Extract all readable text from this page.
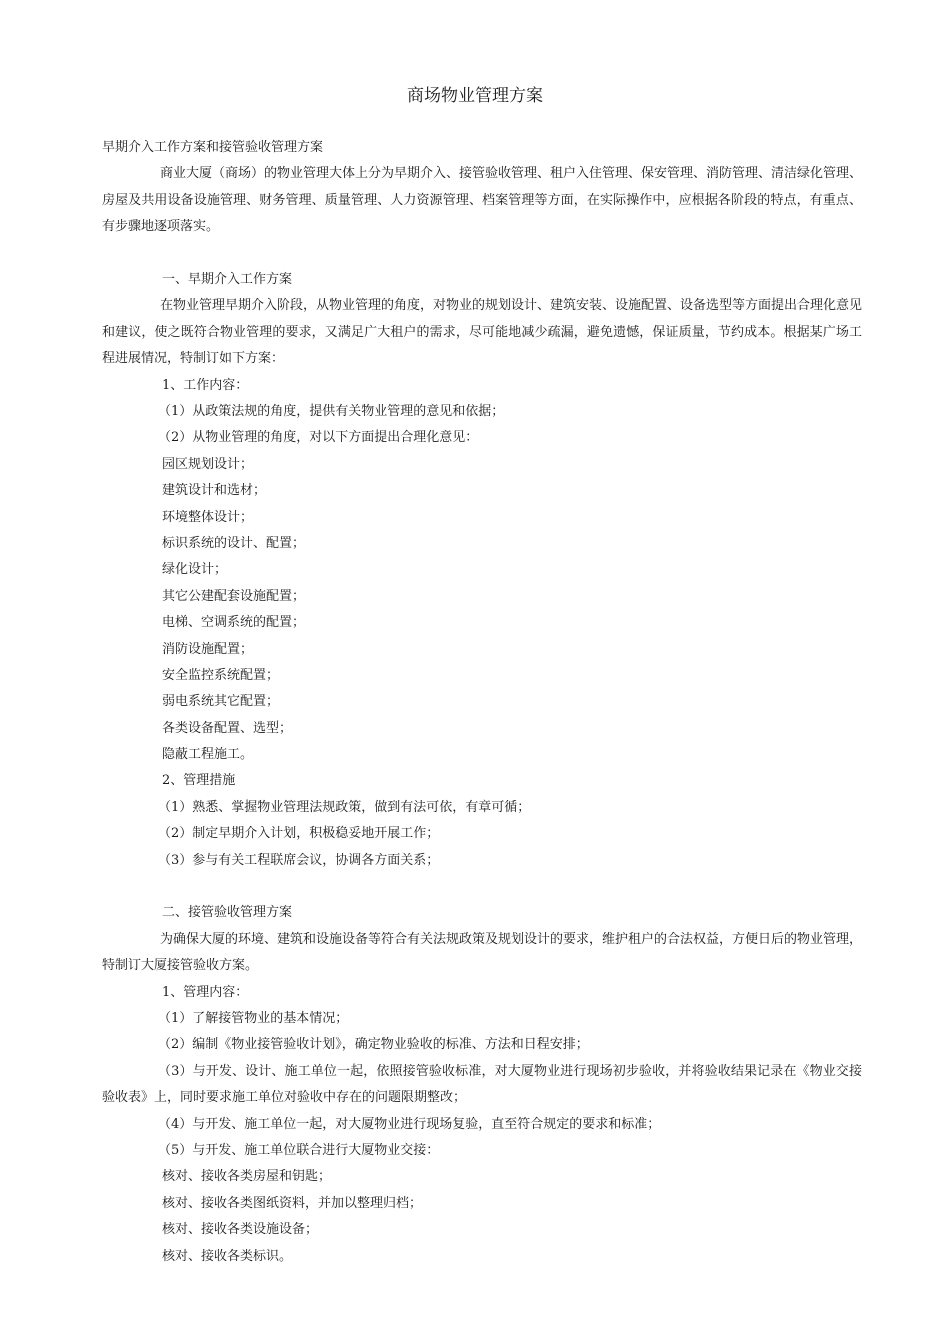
商场物业管理方案
早期介入工作方案和接管验收管理方案
商业大厦（商场）的物业管理大体上分为早期介入、接管验收管理、租户入住管理、保安管理、消防管理、清洁绿化管理、房屋及共用设备设施管理、财务管理、质量管理、人力资源管理、档案管理等方面，在实际操作中，应根据各阶段的特点，有重点、有步骤地逐项落实。
一、早期介入工作方案
在物业管理早期介入阶段，从物业管理的角度，对物业的规划设计、建筑安装、设施配置、设备选型等方面提出合理化意见和建议，使之既符合物业管理的要求，又满足广大租户的需求，尽可能地减少疏漏，避免遗憾，保证质量，节约成本。根据某广场工程进展情况，特制订如下方案：
1、工作内容：
（1）从政策法规的角度，提供有关物业管理的意见和依据；
（2）从物业管理的角度，对以下方面提出合理化意见：
园区规划设计；
建筑设计和选材；
环境整体设计；
标识系统的设计、配置；
绿化设计；
其它公建配套设施配置；
电梯、空调系统的配置；
消防设施配置；
安全监控系统配置；
弱电系统其它配置；
各类设备配置、选型；
隐蔽工程施工。
2、管理措施
（1）熟悉、掌握物业管理法规政策，做到有法可依，有章可循；
（2）制定早期介入计划，积极稳妥地开展工作；
（3）参与有关工程联席会议，协调各方面关系；
二、接管验收管理方案
为确保大厦的环境、建筑和设施设备等符合有关法规政策及规划设计的要求，维护租户的合法权益，方便日后的物业管理，特制订大厦接管验收方案。
1、管理内容：
（1）了解接管物业的基本情况；
（2）编制《物业接管验收计划》，确定物业验收的标准、方法和日程安排；
（3）与开发、设计、施工单位一起，依照接管验收标准，对大厦物业进行现场初步验收，并将验收结果记录在《物业交接验收表》上，同时要求施工单位对验收中存在的问题限期整改；
（4）与开发、施工单位一起，对大厦物业进行现场复验，直至符合规定的要求和标准；
（5）与开发、施工单位联合进行大厦物业交接：
核对、接收各类房屋和钥匙；
核对、接收各类图纸资料，并加以整理归档；
核对、接收各类设施设备；
核对、接收各类标识。
